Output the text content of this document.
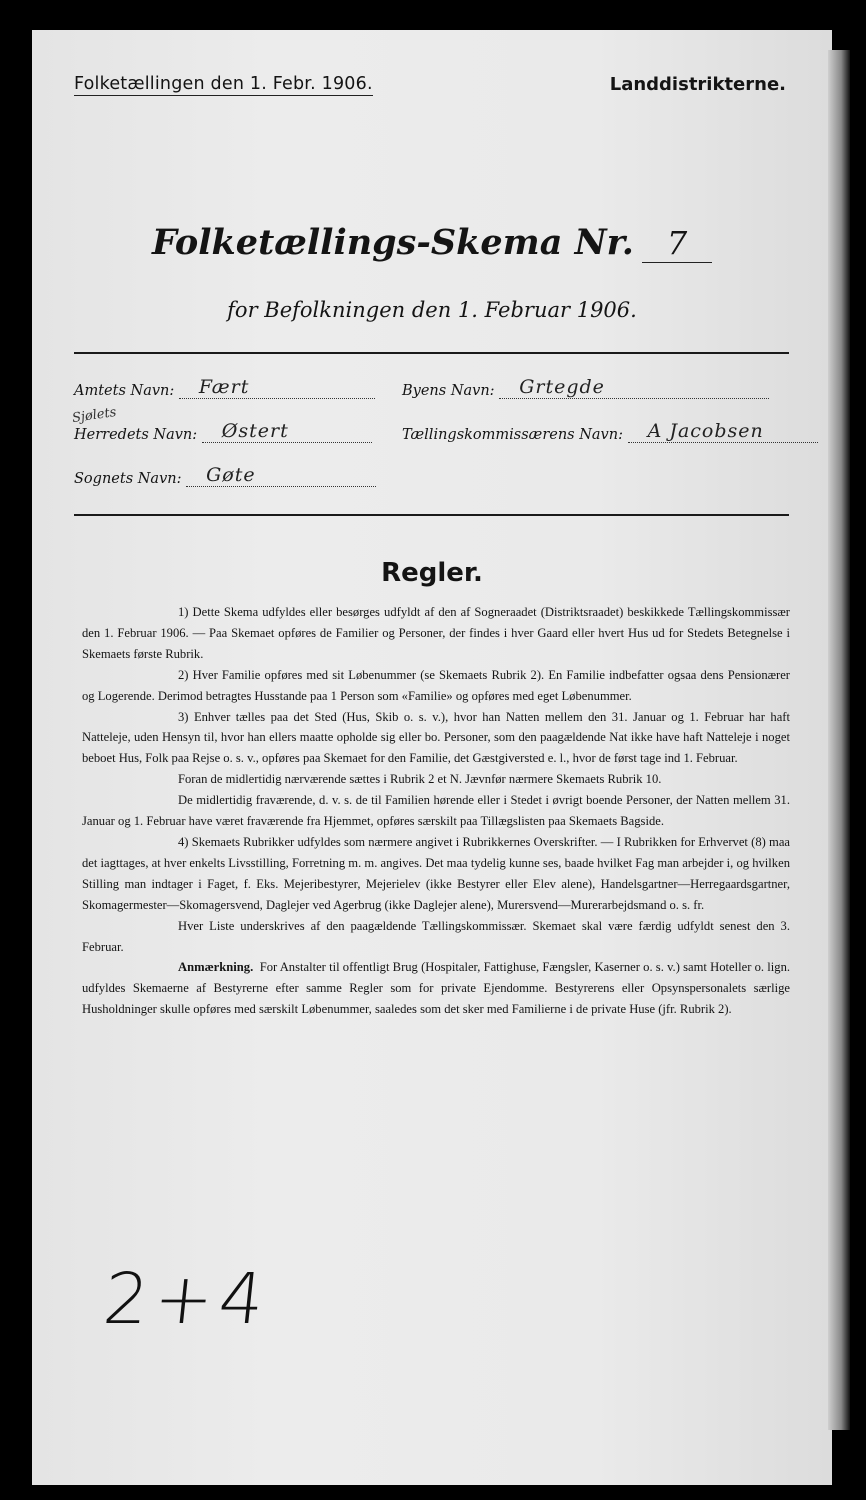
Folketællingen den 1. Febr. 1906.	Landdistrikterne.
Folketællings-Skema Nr. 7
for Befolkningen den 1. Februar 1906.
Amtets Navn: Fært	Byens Navn: Grtegde
Sjølets
Herredets Navn: Østert	Tællingskommissærens Navn: A Jacobsen
Sognets Navn: Gøte
Regler.

1) Dette Skema udfyldes eller besørges udfyldt af den af Sogneraadet (Distriktsraadet) beskikkede Tællingskommissær den 1. Februar 1906. — Paa Skemaet opføres de Familier og Personer, der findes i hver Gaard eller hvert Hus ud for Stedets Betegnelse i Skemaets første Rubrik.

2) Hver Familie opføres med sit Løbenummer (se Skemaets Rubrik 2). En Familie indbefatter ogsaa dens Pensionærer og Logerende. Derimod betragtes Husstande paa 1 Person som «Familie» og opføres med eget Løbenummer.

3) Enhver tælles paa det Sted (Hus, Skib o. s. v.), hvor han Natten mellem den 31. Januar og 1. Februar har haft Natteleje, uden Hensyn til, hvor han ellers maatte opholde sig eller bo. Personer, som den paagældende Nat ikke have haft Natteleje i noget beboet Hus, Folk paa Rejse o. s. v., opføres paa Skemaet for den Familie, det Gæstgiversted e. l., hvor de først tage ind 1. Februar.

Foran de midlertidig nærværende sættes i Rubrik 2 et N. Jævnfør nærmere Skemaets Rubrik 10.

De midlertidig fraværende, d. v. s. de til Familien hørende eller i Stedet i øvrigt boende Personer, der Natten mellem 31. Januar og 1. Februar have været fraværende fra Hjemmet, opføres særskilt paa Tillægslisten paa Skemaets Bagside.

4) Skemaets Rubrikker udfyldes som nærmere angivet i Rubrikkernes Overskrifter. — I Rubrikken for Erhvervet (8) maa det iagttages, at hver enkelts Livsstilling, Forretning m. m. angives. Det maa tydelig kunne ses, baade hvilket Fag man arbejder i, og hvilken Stilling man indtager i Faget, f. Eks. Mejeribestyrer, Mejerielev (ikke Bestyrer eller Elev alene), Handelsgartner—Herregaardsgartner, Skomagermester—Skomagersvend, Daglejer ved Agerbrug (ikke Daglejer alene), Murersvend—Murerarbejdsmand o. s. fr.

Hver Liste underskrives af den paagældende Tællingskommissær. Skemaet skal være færdig udfyldt senest den 3. Februar.

Anmærkning. For Anstalter til offentligt Brug (Hospitaler, Fattighuse, Fængsler, Kaserner o. s. v.) samt Hoteller o. lign. udfyldes Skemaerne af Bestyrerne efter samme Regler som for private Ejendomme. Bestyrerens eller Opsynspersonalets særlige Husholdninger skulle opføres med særskilt Løbenummer, saaledes som det sker med Familierne i de private Huse (jfr. Rubrik 2).

2+4
